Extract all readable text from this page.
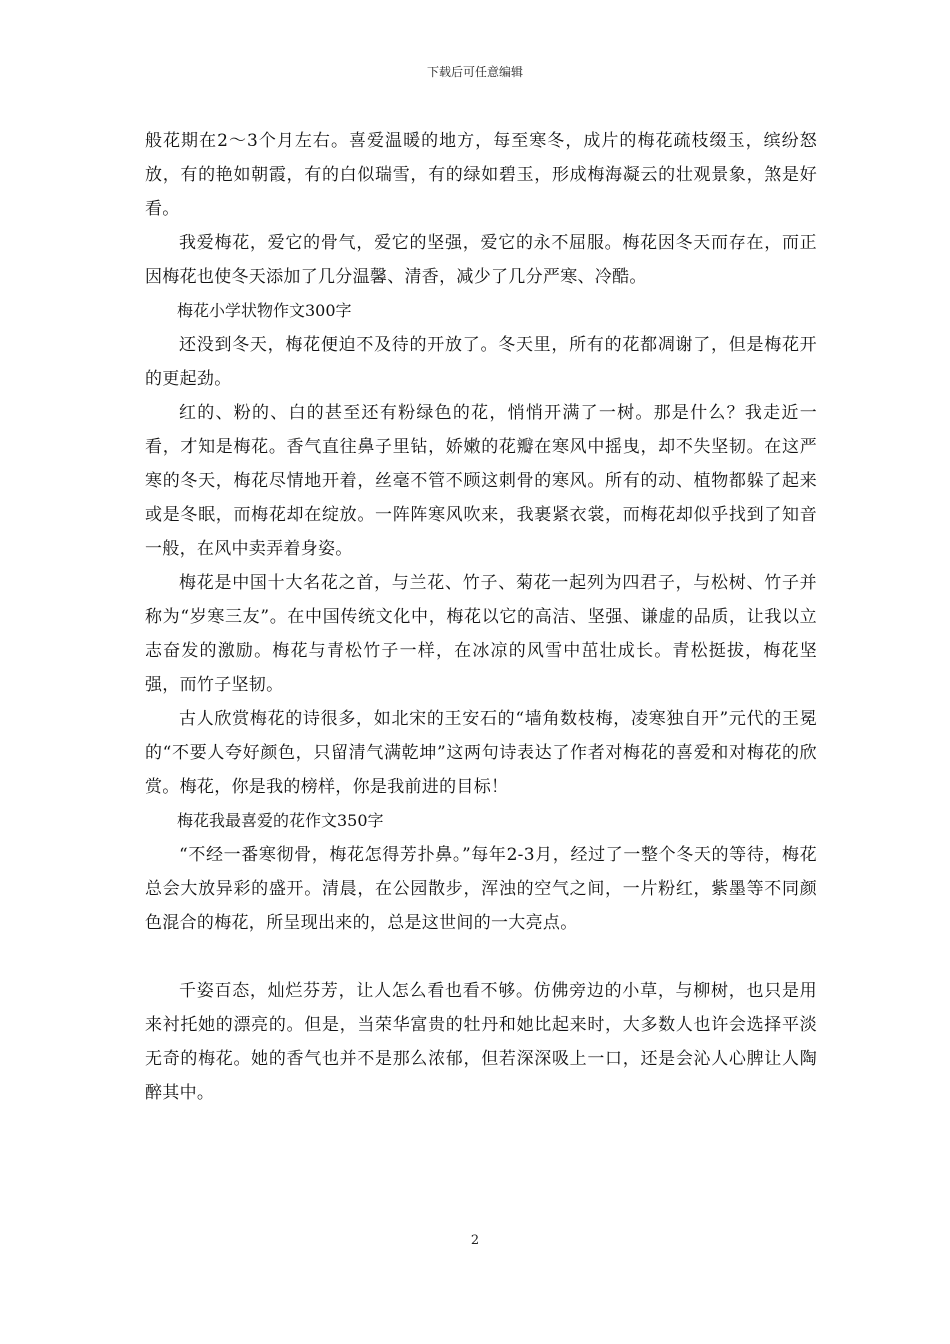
下载后可任意编辑

般花期在2～3个月左右。喜爱温暖的地方，每至寒冬，成片的梅花疏枝缀玉，缤纷怒放，有的艳如朝霞，有的白似瑞雪，有的绿如碧玉，形成梅海凝云的壮观景象，煞是好看。

我爱梅花，爱它的骨气，爱它的坚强，爱它的永不屈服。梅花因冬天而存在，而正因梅花也使冬天添加了几分温馨、清香，减少了几分严寒、冷酷。

梅花小学状物作文300字

还没到冬天，梅花便迫不及待的开放了。冬天里，所有的花都凋谢了，但是梅花开的更起劲。

红的、粉的、白的甚至还有粉绿色的花，悄悄开满了一树。那是什么？我走近一看，才知是梅花。香气直往鼻子里钻，娇嫩的花瓣在寒风中摇曳，却不失坚韧。在这严寒的冬天，梅花尽情地开着，丝毫不管不顾这刺骨的寒风。所有的动、植物都躲了起来或是冬眠，而梅花却在绽放。一阵阵寒风吹来，我裹紧衣裳，而梅花却似乎找到了知音一般，在风中卖弄着身姿。

梅花是中国十大名花之首，与兰花、竹子、菊花一起列为四君子，与松树、竹子并称为“岁寒三友”。在中国传统文化中，梅花以它的高洁、坚强、谦虚的品质，让我以立志奋发的激励。梅花与青松竹子一样，在冰凉的风雪中茁壮成长。青松挺拔，梅花坚强，而竹子坚韧。

古人欣赏梅花的诗很多，如北宋的王安石的“墙角数枝梅，凌寒独自开”元代的王冕的“不要人夸好颜色，只留清气满乾坤”这两句诗表达了作者对梅花的喜爱和对梅花的欣赏。梅花，你是我的榜样，你是我前进的目标！

梅花我最喜爱的花作文350字

“不经一番寒彻骨，梅花怎得芳扑鼻。”每年2-3月，经过了一整个冬天的等待，梅花总会大放异彩的盛开。清晨，在公园散步，浑浊的空气之间，一片粉红，紫墨等不同颜色混合的梅花，所呈现出来的，总是这世间的一大亮点。

千姿百态，灿烂芬芳，让人怎么看也看不够。仿佛旁边的小草，与柳树，也只是用来衬托她的漂亮的。但是，当荣华富贵的牡丹和她比起来时，大多数人也许会选择平淡无奇的梅花。她的香气也并不是那么浓郁，但若深深吸上一口，还是会沁人心脾让人陶醉其中。

2
